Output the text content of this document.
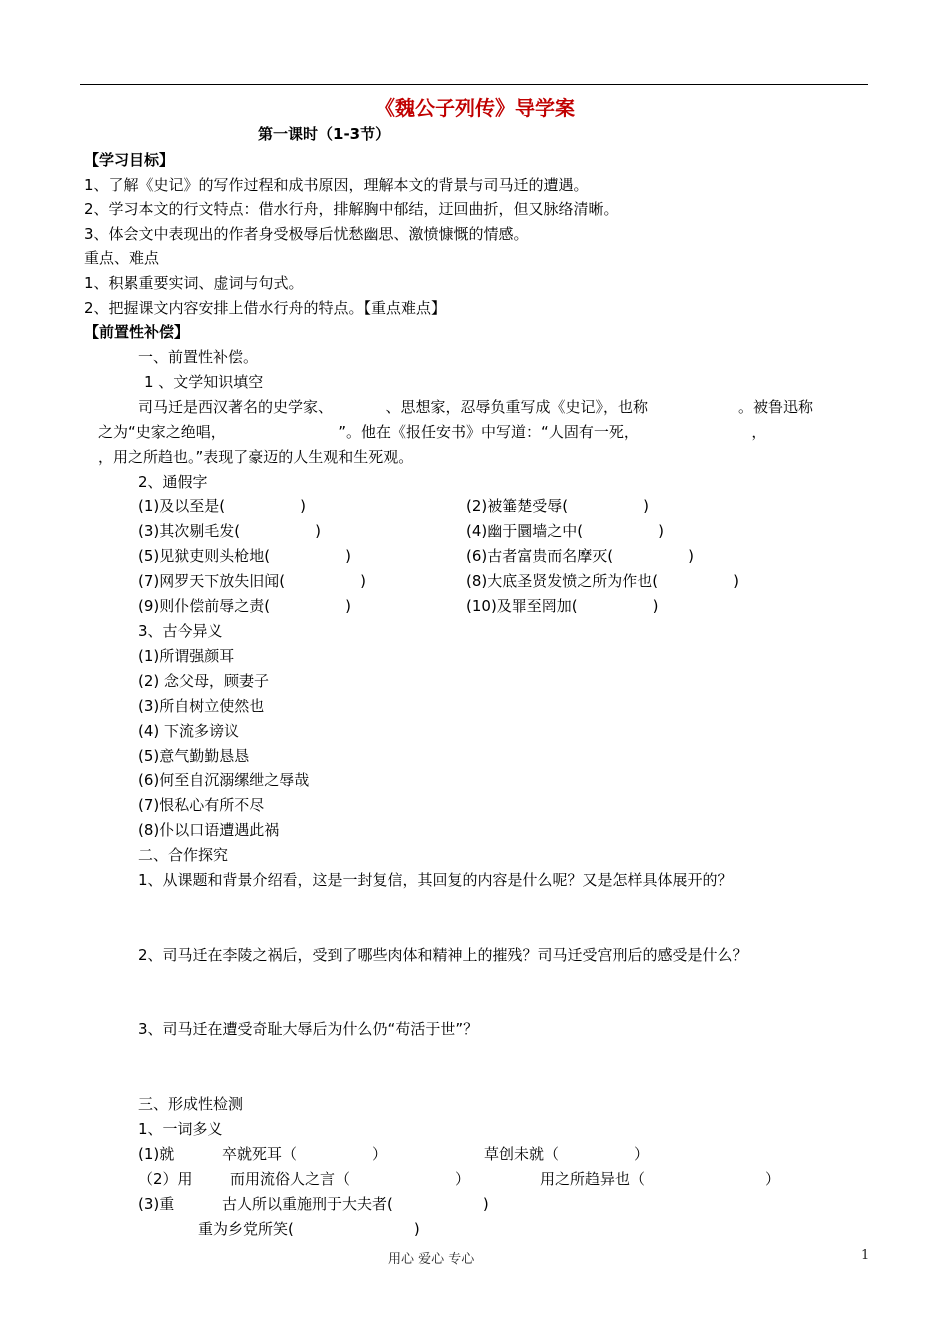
《魏公子列传》导学案
第一课时（1-3节）
【学习目标】
1、了解《史记》的写作过程和成书原因，理解本文的背景与司马迁的遭遇。
2、学习本文的行文特点：借水行舟，排解胸中郁结，迂回曲折，但又脉络清晰。
3、体会文中表现出的作者身受极辱后忧愁幽思、激愤慷慨的情感。
重点、难点
1、积累重要实词、虚词与句式。
2、把握课文内容安排上借水行舟的特点。【重点难点】
【前置性补偿】
一、前置性补偿。
1 、文学知识填空
司马迁是西汉著名的史学家、　　　　、思想家，忍辱负重写成《史记》，也称　　　　　　。被鲁迅称
之为“史家之绝唱，　　　　　　　　”。他在《报任安书》中写道：“人固有一死，　　　　　　　　，
，用之所趋也。”表现了豪迈的人生观和生死观。
2、通假字
(1)及以至是(　　　　　)	(2)被箠楚受辱(　　　　　)
(3)其次剔毛发(　　　　　)	(4)幽于圜墙之中(　　　　　)
(5)见狱吏则头枪地(　　　　　)	(6)古者富贵而名摩灭(　　　　　)
(7)网罗天下放失旧闻(　　　　　)	(8)大底圣贤发愤之所为作也(　　　　　)
(9)则仆偿前辱之责(　　　　　)	(10)及罪至罔加(　　　　　)
3、古今异义
(1)所谓强颜耳
(2) 念父母，顾妻子
(3)所自树立使然也
(4) 下流多谤议
(5)意气勤勤恳恳
(6)何至自沉溺缧绁之辱哉
(7)恨私心有所不尽
(8)仆以口语遭遇此祸
二、合作探究
1、从课题和背景介绍看，这是一封复信，其回复的内容是什么呢？又是怎样具体展开的？
2、司马迁在李陵之祸后，受到了哪些肉体和精神上的摧残？司马迁受宫刑后的感受是什么？
3、司马迁在遭受奇耻大辱后为什么仍“苟活于世”？
三、形成性检测
1、一词多义
(1)就	卒就死耳（　　　　　）	草创未就（　　　　　）
（2）用 而用流俗人之言（　　　　　　　）	用之所趋异也（　　　　　　　　）
(3)重	古人所以重施刑于大夫者(　　　　　　)
重为乡党所笑(　　　　　　　　)
用心 爱心 专心	1
